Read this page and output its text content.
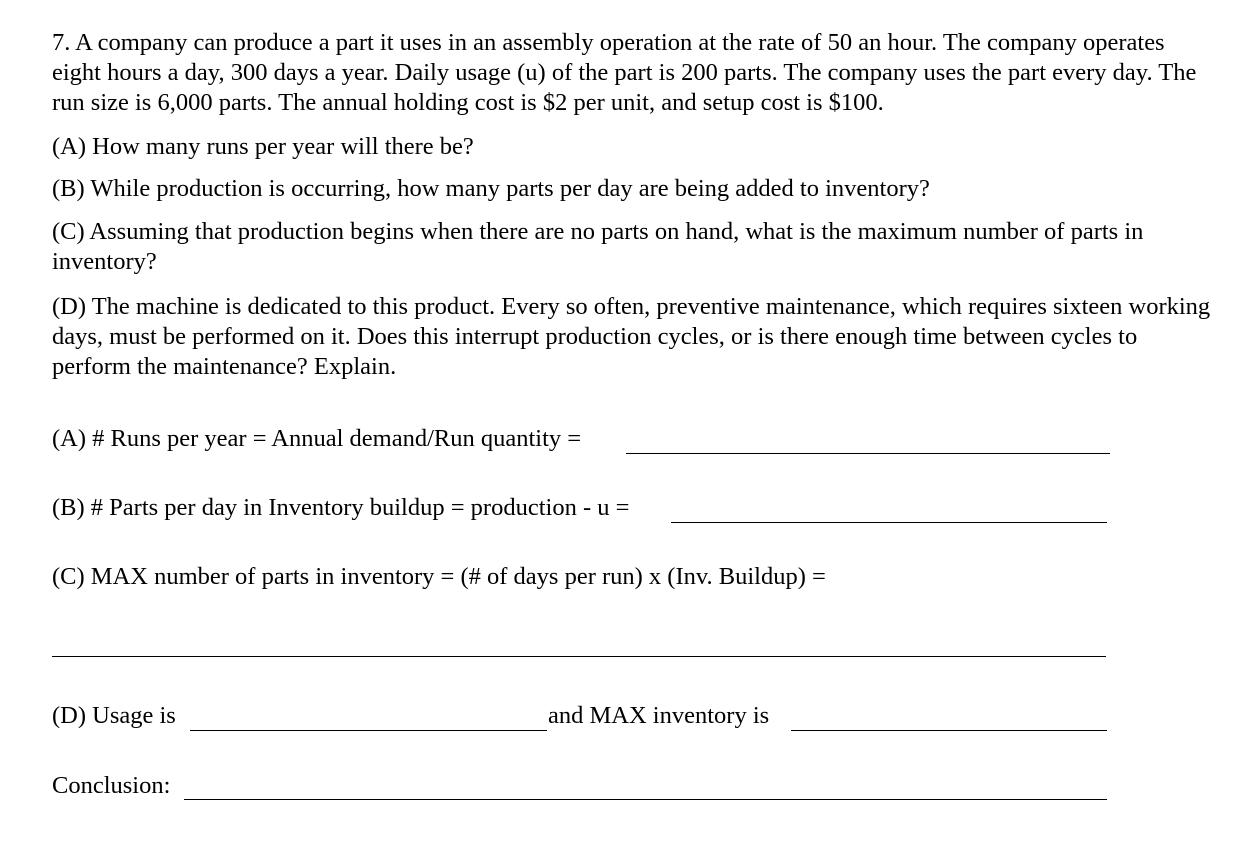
7. A company can produce a part it uses in an assembly operation at the rate of 50 an hour. The company operates eight hours a day, 300 days a year. Daily usage (u) of the part is 200 parts. The company uses the part every day. The run size is 6,000 parts. The annual holding cost is $2 per unit, and setup cost is $100.

(A) How many runs per year will there be?

(B) While production is occurring, how many parts per day are being added to inventory?

(C) Assuming that production begins when there are no parts on hand, what is the maximum number of parts in inventory?

(D) The machine is dedicated to this product. Every so often, preventive maintenance, which requires sixteen working days, must be performed on it. Does this interrupt production cycles, or is there enough time between cycles to perform the maintenance? Explain.

(A) # Runs per year = Annual demand/Run quantity =
(B) # Parts per day in Inventory buildup = production - u =
(C) MAX number of parts in inventory = (# of days per run) x (Inv. Buildup) =
(D) Usage is	and MAX inventory is
Conclusion:
